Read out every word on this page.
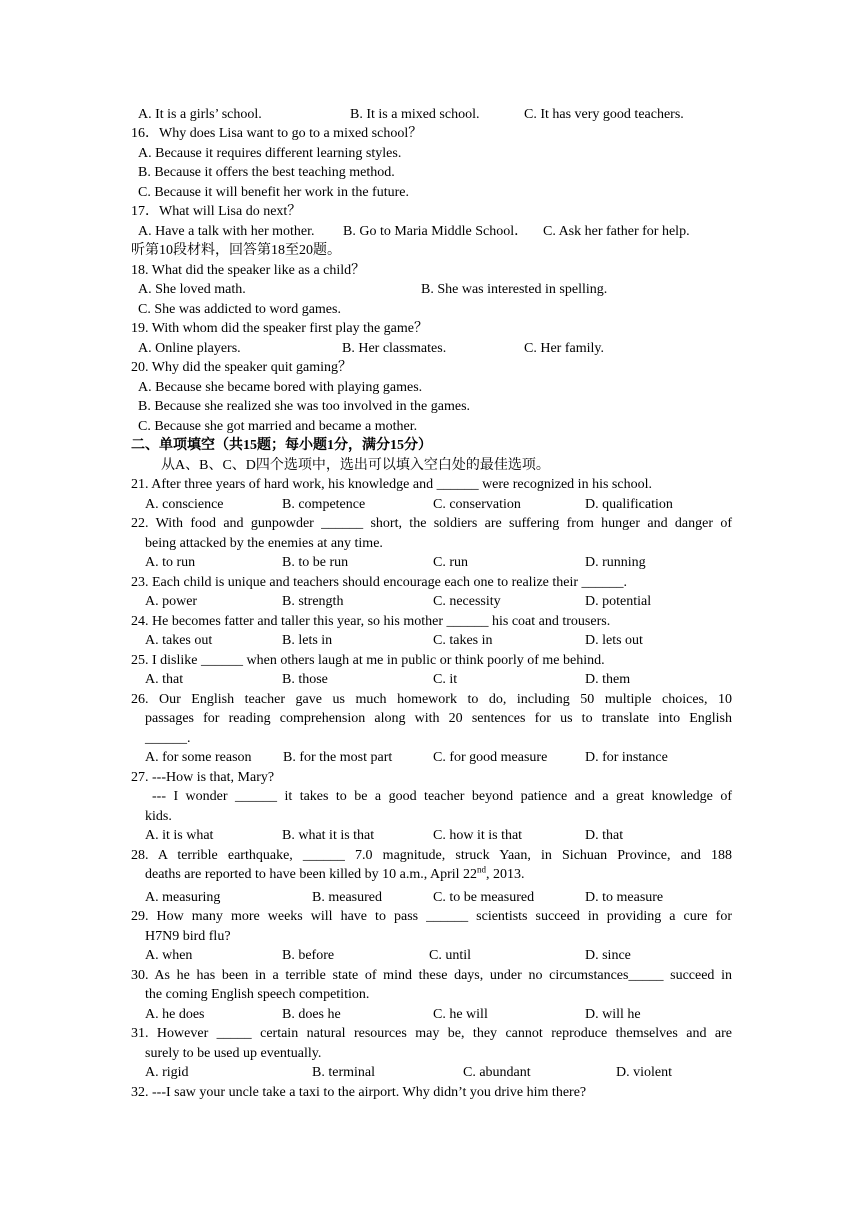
A. It is a girls’ school.	B. It is a mixed school.	C. It has very good teachers.
16．Why does Lisa want to go to a mixed school？
A. Because it requires different learning styles.
B. Because it offers the best teaching method.
C. Because it will benefit her work in the future.
17．What will Lisa do next？
A. Have a talk with her mother. B. Go to Maria Middle School． C. Ask her father for help.
听第10段材料，回答第18至20题。
18. What did the speaker like as a child？
A. She loved math.	B. She was interested in spelling.
C. She was addicted to word games.
19. With whom did the speaker first play the game？
A. Online players.	B. Her classmates.	C. Her family.
20. Why did the speaker quit gaming？
A. Because she became bored with playing games.
B. Because she realized she was too involved in the games.
C. Because she got married and became a mother.
二、单项填空（共15题；每小题1分，满分15分）
从A、B、C、D四个选项中，选出可以填入空白处的最佳选项。
21. After three years of hard work, his knowledge and ______ were recognized in his school.
A. conscience	B. competence	C. conservation	D. qualification
22. With food and gunpowder ______ short, the soldiers are suffering from hunger and danger of
being attacked by the enemies at any time.
A. to run	B. to be run	C. run	D. running
23. Each child is unique and teachers should encourage each one to realize their ______.
A. power	B. strength	C. necessity	D. potential
24. He becomes fatter and taller this year, so his mother ______ his coat and trousers.
A. takes out	B. lets in	C. takes in	D. lets out
25. I dislike ______ when others laugh at me in public or think poorly of me behind.
A. that	B. those	C. it	D. them
26. Our English teacher gave us much homework to do, including 50 multiple choices, 10
passages for reading comprehension along with 20 sentences for us to translate into English
______.
A. for some reason B. for the most part	C. for good measure	D. for instance
27. ---How is that, Mary?
--- I wonder ______ it takes to be a good teacher beyond patience and a great knowledge of
kids.
A. it is what	B. what it is that	C. how it is that	D. that
28. A terrible earthquake, ______ 7.0 magnitude, struck Yaan, in Sichuan Province, and 188
deaths are reported to have been killed by 10 a.m., April 22nd, 2013.
A. measuring	B. measured	C. to be measured	D. to measure
29. How many more weeks will have to pass ______ scientists succeed in providing a cure for
H7N9 bird flu?
A. when	B. before	C. until	D. since
30. As he has been in a terrible state of mind these days, under no circumstances_____ succeed in
the coming English speech competition.
A. he does	B. does he	C. he will	D. will he
31. However _____ certain natural resources may be, they cannot reproduce themselves and are
surely to be used up eventually.
A. rigid	B. terminal	C. abundant	D. violent
32. ---I saw your uncle take a taxi to the airport. Why didn’t you drive him there?
